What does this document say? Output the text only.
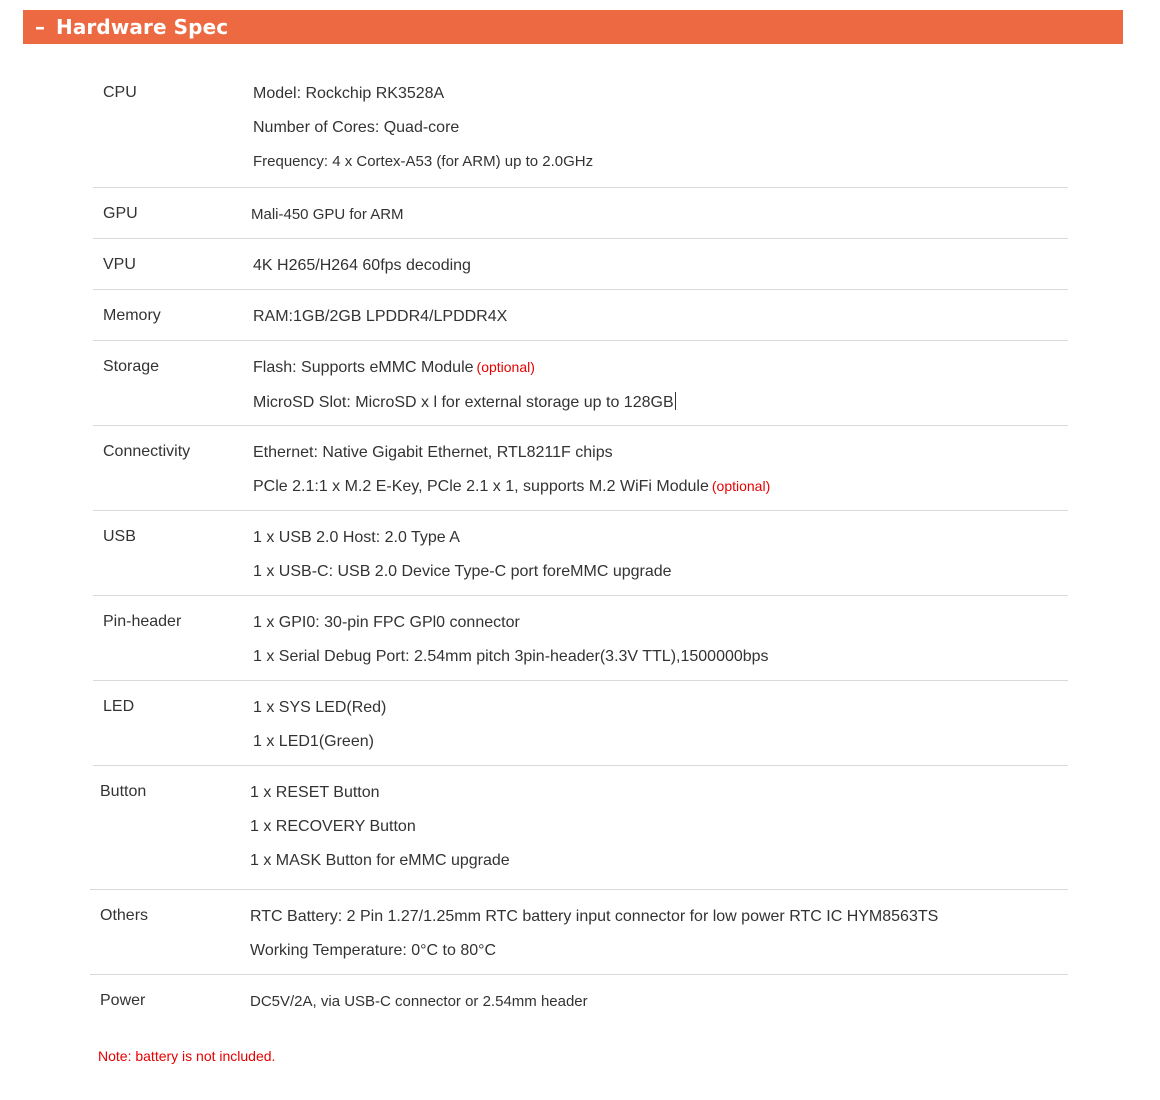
– Hardware Spec
CPU	Model: Rockchip RK3528A
Number of Cores: Quad-core
Frequency: 4 x Cortex-A53 (for ARM) up to 2.0GHz
GPU	Mali-450 GPU for ARM
VPU	4K H265/H264 60fps decoding
Memory	RAM:1GB/2GB LPDDR4/LPDDR4X
Storage	Flash: Supports eMMC Module (optional)
MicroSD Slot: MicroSD x l for external storage up to 128GB
Connectivity	Ethernet: Native Gigabit Ethernet, RTL8211F chips
PCle 2.1:1 x M.2 E-Key, PCle 2.1 x 1, supports M.2 WiFi Module (optional)
USB	1 x USB 2.0 Host: 2.0 Type A
1 x USB-C: USB 2.0 Device Type-C port foreMMC upgrade
Pin-header	1 x GPI0: 30-pin FPC GPl0 connector
1 x Serial Debug Port: 2.54mm pitch 3pin-header(3.3V TTL),1500000bps
LED	1 x SYS LED(Red)
1 x LED1(Green)
Button	1 x RESET Button
1 x RECOVERY Button
1 x MASK Button for eMMC upgrade
Others	RTC Battery: 2 Pin 1.27/1.25mm RTC battery input connector for low power RTC IC HYM8563TS
Working Temperature: 0°C to 80°C
Power	DC5V/2A, via USB-C connector or 2.54mm header
Note: battery is not included.
